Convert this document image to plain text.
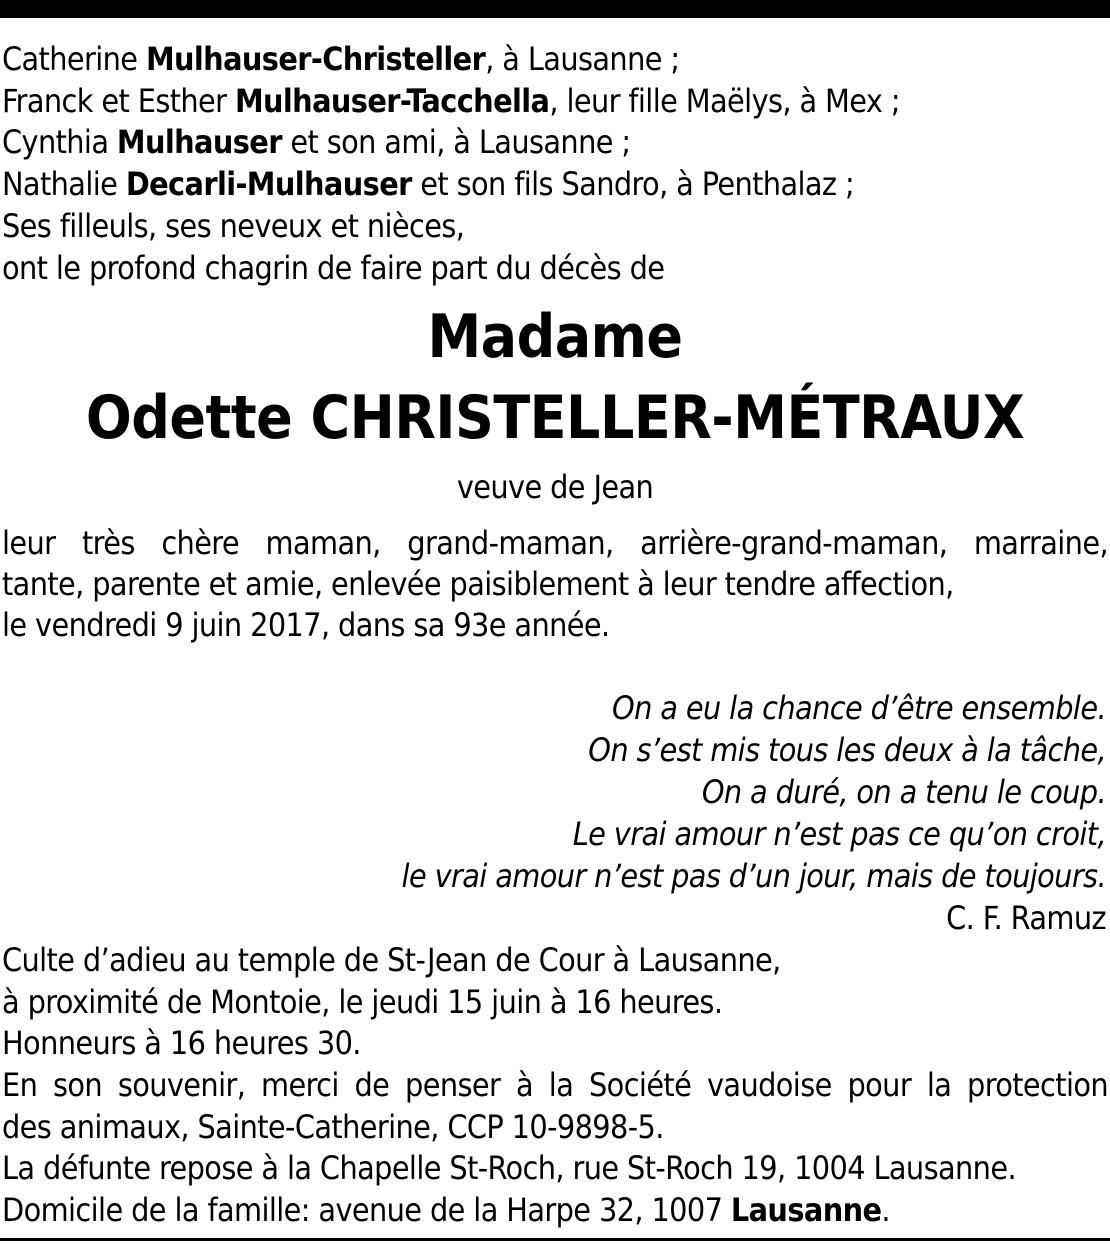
Catherine Mulhauser-Christeller, à Lausanne ;
Franck et Esther Mulhauser-Tacchella, leur fille Maëlys, à Mex ;
Cynthia Mulhauser et son ami, à Lausanne ;
Nathalie Decarli-Mulhauser et son fils Sandro, à Penthalaz ;
Ses filleuls, ses neveux et nièces,
ont le profond chagrin de faire part du décès de
Madame
Odette CHRISTELLER-MÉTRAUX
veuve de Jean
leur très chère maman, grand-maman, arrière-grand-maman, marraine,
tante, parente et amie, enlevée paisiblement à leur tendre affection,
le vendredi 9 juin 2017, dans sa 93e année.
On a eu la chance d’être ensemble.
On s’est mis tous les deux à la tâche,
On a duré, on a tenu le coup.
Le vrai amour n’est pas ce qu’on croit,
le vrai amour n’est pas d’un jour, mais de toujours.
C. F. Ramuz
Culte d’adieu au temple de St-Jean de Cour à Lausanne,
à proximité de Montoie, le jeudi 15 juin à 16 heures.
Honneurs à 16 heures 30.
En son souvenir, merci de penser à la Société vaudoise pour la protection
des animaux, Sainte-Catherine, CCP 10-9898-5.
La défunte repose à la Chapelle St-Roch, rue St-Roch 19, 1004 Lausanne.
Domicile de la famille: avenue de la Harpe 32, 1007 Lausanne.
